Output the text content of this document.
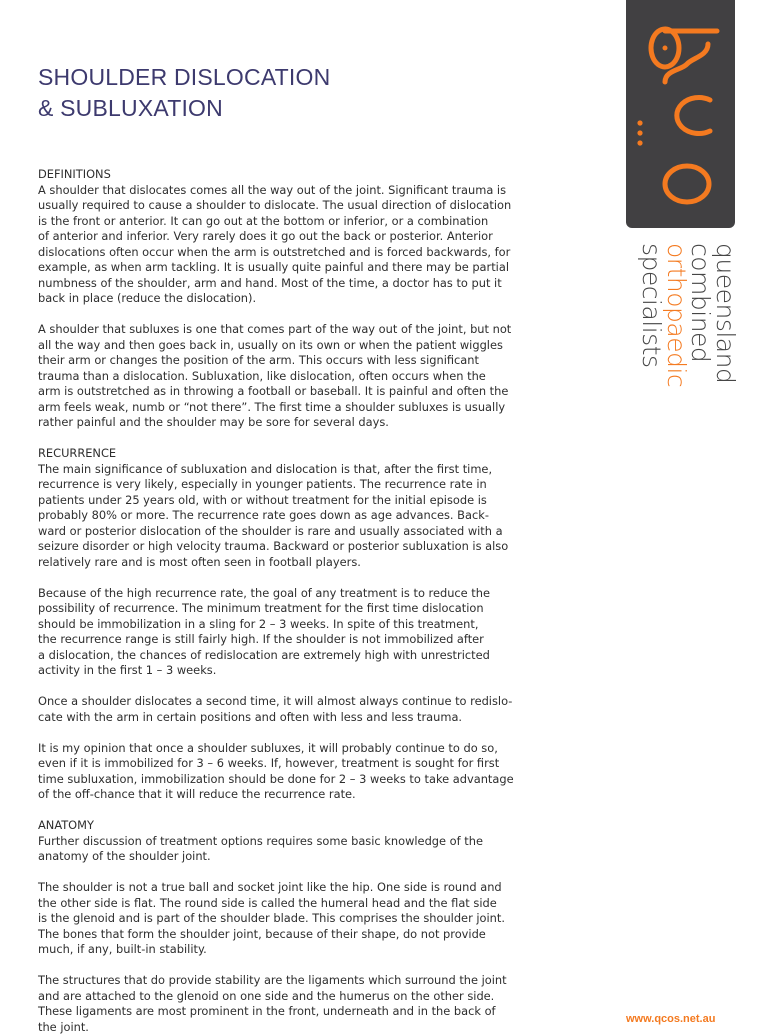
SHOULDER DISLOCATION
& SUBLUXATION
DEFINITIONS
A shoulder that dislocates comes all the way out of the joint. Significant trauma is
usually required to cause a shoulder to dislocate. The usual direction of dislocation
is the front or anterior. It can go out at the bottom or inferior, or a combination
of anterior and inferior. Very rarely does it go out the back or posterior. Anterior
dislocations often occur when the arm is outstretched and is forced backwards, for
example, as when arm tackling. It is usually quite painful and there may be partial
numbness of the shoulder, arm and hand. Most of the time, a doctor has to put it
back in place (reduce the dislocation).
A shoulder that subluxes is one that comes part of the way out of the joint, but not
all the way and then goes back in, usually on its own or when the patient wiggles
their arm or changes the position of the arm. This occurs with less significant
trauma than a dislocation. Subluxation, like dislocation, often occurs when the
arm is outstretched as in throwing a football or baseball. It is painful and often the
arm feels weak, numb or “not there”. The first time a shoulder subluxes is usually
rather painful and the shoulder may be sore for several days.
RECURRENCE
The main significance of subluxation and dislocation is that, after the first time,
recurrence is very likely, especially in younger patients. The recurrence rate in
patients under 25 years old, with or without treatment for the initial episode is
probably 80% or more. The recurrence rate goes down as age advances. Back-
ward or posterior dislocation of the shoulder is rare and usually associated with a
seizure disorder or high velocity trauma. Backward or posterior subluxation is also
relatively rare and is most often seen in football players.
Because of the high recurrence rate, the goal of any treatment is to reduce the
possibility of recurrence. The minimum treatment for the first time dislocation
should be immobilization in a sling for 2 – 3 weeks. In spite of this treatment,
the recurrence range is still fairly high. If the shoulder is not immobilized after
a dislocation, the chances of redislocation are extremely high with unrestricted
activity in the first 1 – 3 weeks.
Once a shoulder dislocates a second time, it will almost always continue to redislo-
cate with the arm in certain positions and often with less and less trauma.
It is my opinion that once a shoulder subluxes, it will probably continue to do so,
even if it is immobilized for 3 – 6 weeks. If, however, treatment is sought for first
time subluxation, immobilization should be done for 2 – 3 weeks to take advantage
of the off-chance that it will reduce the recurrence rate.
ANATOMY
Further discussion of treatment options requires some basic knowledge of the
anatomy of the shoulder joint.
The shoulder is not a true ball and socket joint like the hip. One side is round and
the other side is flat. The round side is called the humeral head and the flat side
is the glenoid and is part of the shoulder blade. This comprises the shoulder joint.
The bones that form the shoulder joint, because of their shape, do not provide
much, if any, built-in stability.
The structures that do provide stability are the ligaments which surround the joint
and are attached to the glenoid on one side and the humerus on the other side.
These ligaments are most prominent in the front, underneath and in the back of
the joint.
queensland
combined
orthopaedic
specialists
www.qcos.net.au
